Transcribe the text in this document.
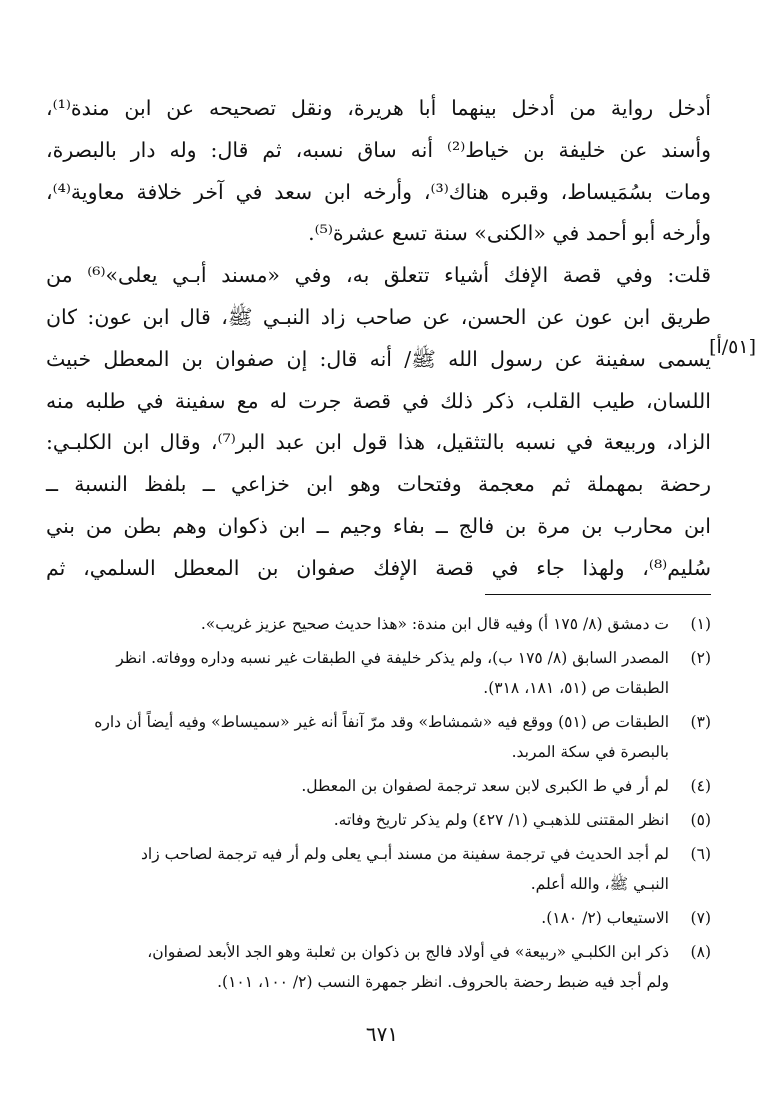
أدخل رواية من أدخل بينهما أبا هريرة، ونقل تصحيحه عن ابن مندة⁽¹⁾،
وأسند عن خليفة بن خياط⁽²⁾ أنه ساق نسبه، ثم قال: وله دار بالبصرة،
ومات بسُمَيساط، وقبره هناك⁽³⁾، وأرخه ابن سعد في آخر خلافة معاوية⁽⁴⁾،
وأرخه أبو أحمد في «الكنى» سنة تسع عشرة⁽⁵⁾.
قلت: وفي قصة الإفك أشياء تتعلق به، وفي «مسند أبـي يعلى»⁽⁶⁾ من
طريق ابن عون عن الحسن، عن صاحب زاد النبـي ﷺ، قال ابن عون: كان
يسمى سفينة عن رسول الله ﷺ/ أنه قال: إن صفوان بن المعطل خبيث
اللسان، طيب القلب، ذكر ذلك في قصة جرت له مع سفينة في طلبه منه
الزاد، وربيعة في نسبه بالتثقيل، هذا قول ابن عبد البر⁽⁷⁾، وقال ابن الكلبـي:
رحضة بمهملة ثم معجمة وفتحات وهو ابن خزاعي ــ بلفظ النسبة ــ
ابن محارب بن مرة بن فالج ــ بفاء وجيم ــ ابن ذكوان وهم بطن من بني
سُليم⁽⁸⁾، ولهذا جاء في قصة الإفك صفوان بن المعطل السلمي، ثم
[٥١/أ]
(١)
ت دمشق (٨/ ١٧٥ أ) وفيه قال ابن مندة: «هذا حديث صحيح عزيز غريب».
(٢)
المصدر السابق (٨/ ١٧٥ ب)، ولم يذكر خليفة في الطبقات غير نسبه وداره ووفاته. انظر
الطبقات ص (٥١، ١٨١، ٣١٨).
(٣)
الطبقات ص (٥١) ووقع فيه «شمشاط» وقد مرّ آنفاً أنه غير «سميساط» وفيه أيضاً أن داره
بالبصرة في سكة المربد.
(٤)
لم أر في ط الكبرى لابن سعد ترجمة لصفوان بن المعطل.
(٥)
انظر المقتنى للذهبـي (١/ ٤٢٧) ولم يذكر تاريخ وفاته.
(٦)
لم أجد الحديث في ترجمة سفينة من مسند أبـي يعلى ولم أر فيه ترجمة لصاحب زاد
النبـي ﷺ، والله أعلم.
(٧)
الاستيعاب (٢/ ١٨٠).
(٨)
ذكر ابن الكلبـي «ربيعة» في أولاد فالج بن ذكوان بن ثعلبة وهو الجد الأبعد لصفوان،
ولم أجد فيه ضبط رحضة بالحروف. انظر جمهرة النسب (٢/ ١٠٠، ١٠١).
٦٧١
